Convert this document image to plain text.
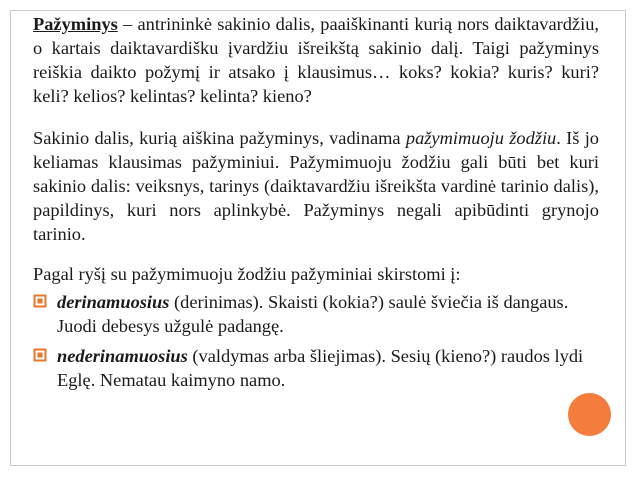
Pažyminys – antrininkė sakinio dalis, paaiškinanti kurią nors daiktavardžiu, o kartais daiktavardišku įvardžiu išreikštą sakinio dalį. Taigi pažyminys reiškia daikto požymį ir atsako į klausimus… koks? kokia? kuris? kuri? keli? kelios? kelintas? kelinta? kieno?

Sakinio dalis, kurią aiškina pažyminys, vadinama pažymimuoju žodžiu. Iš jo keliamas klausimas pažyminiui. Pažymimuoju žodžiu gali būti bet kuri sakinio dalis: veiksnys, tarinys (daiktavardžiu išreikšta vardinė tarinio dalis), papildinys, kuri nors aplinkybė. Pažyminys negali apibūdinti grynojo tarinio.

Pagal ryšį su pažymimuoju žodžiu pažyminiai skirstomi į:

derinamuosius (derinimas). Skaisti (kokia?) saulė šviečia iš dangaus. Juodi debesys užgulė padangę.
nederinamuosius (valdymas arba šliejimas). Sesių (kieno?) raudos lydi Eglę. Nematau kaimyno namo.
